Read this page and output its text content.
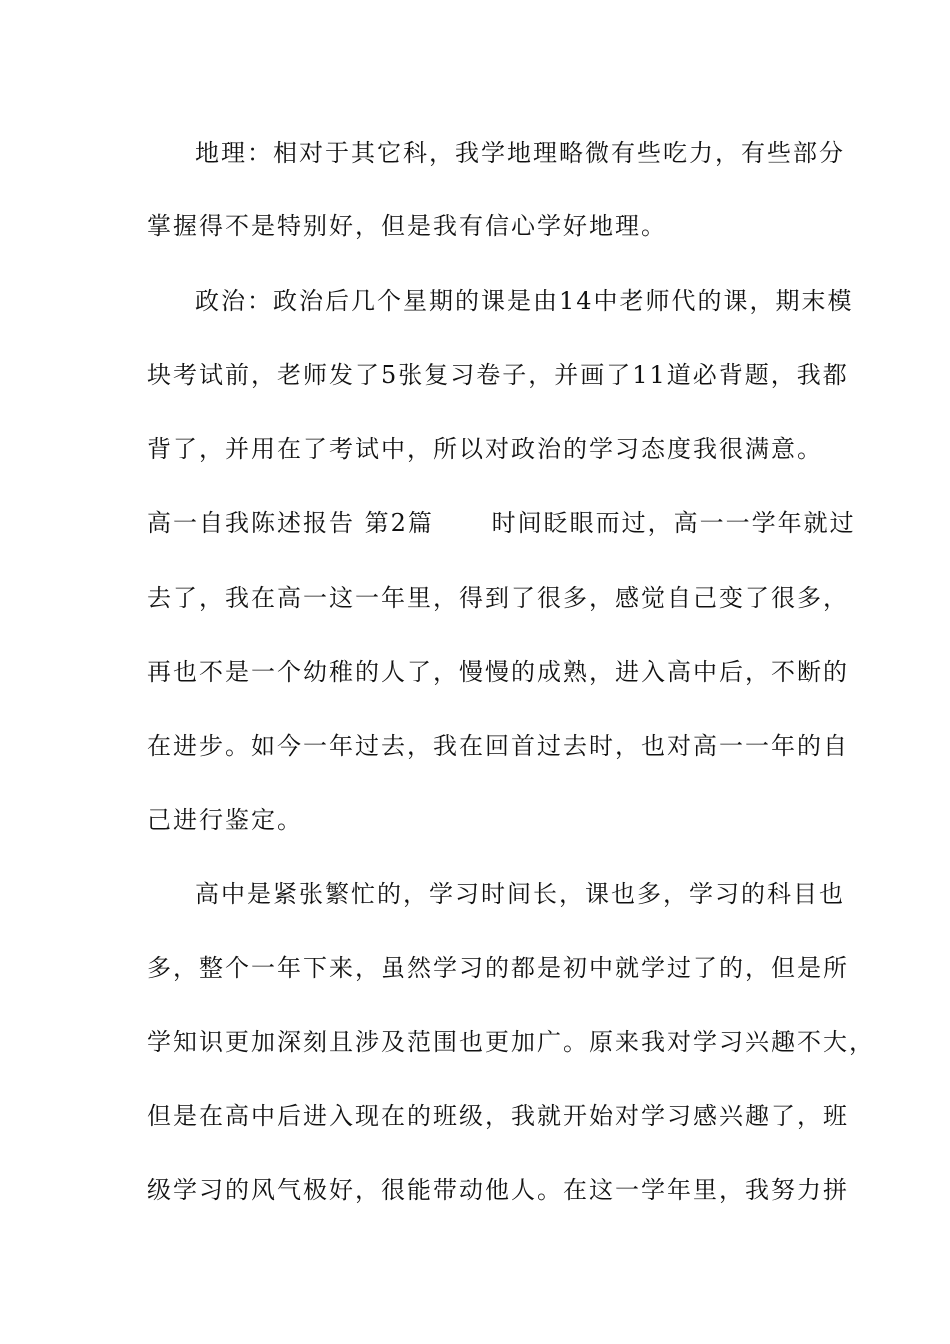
地理：相对于其它科，我学地理略微有些吃力，有些部分
掌握得不是特别好，但是我有信心学好地理。
政治：政治后几个星期的课是由14中老师代的课，期末模
块考试前，老师发了5张复习卷子，并画了11道必背题，我都
背了，并用在了考试中，所以对政治的学习态度我很满意。
高一自我陈述报告 第2篇      时间眨眼而过，高一一学年就过
去了，我在高一这一年里，得到了很多，感觉自己变了很多，
再也不是一个幼稚的人了，慢慢的成熟，进入高中后，不断的
在进步。如今一年过去，我在回首过去时，也对高一一年的自
己进行鉴定。
高中是紧张繁忙的，学习时间长，课也多，学习的科目也
多，整个一年下来，虽然学习的都是初中就学过了的，但是所
学知识更加深刻且涉及范围也更加广。原来我对学习兴趣不大，
但是在高中后进入现在的班级，我就开始对学习感兴趣了，班
级学习的风气极好，很能带动他人。在这一学年里，我努力拼
